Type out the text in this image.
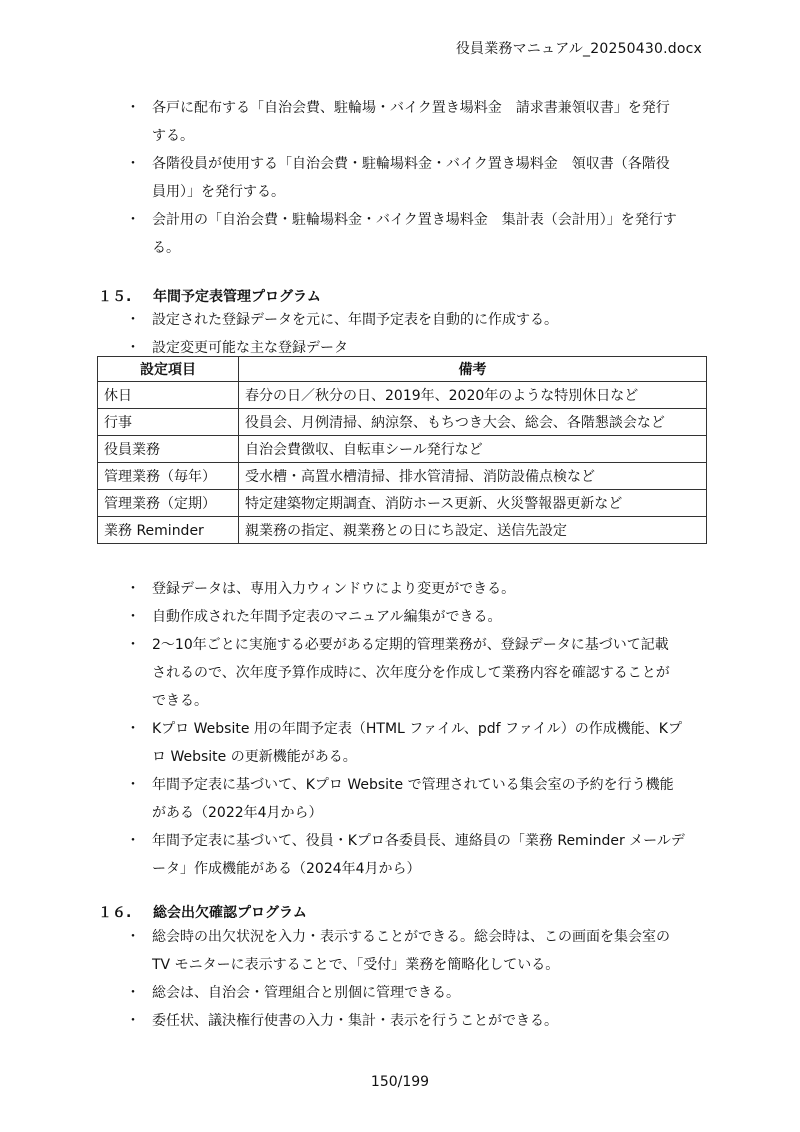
役員業務マニュアル_20250430.docx
・ 各戸に配布する「自治会費、駐輪場・バイク置き場料金　請求書兼領収書」を発行
する。
・ 各階役員が使用する「自治会費・駐輪場料金・バイク置き場料金　領収書（各階役
員用）」を発行する。
・ 会計用の「自治会費・駐輪場料金・バイク置き場料金　集計表（会計用）」を発行す
る。
１５. 年間予定表管理プログラム
・ 設定された登録データを元に、年間予定表を自動的に作成する。
・ 設定変更可能な主な登録データ
設定項目	備考
休日	春分の日／秋分の日、2019年、2020年のような特別休日など
行事	役員会、月例清掃、納涼祭、もちつき大会、総会、各階懇談会など
役員業務	自治会費徴収、自転車シール発行など
管理業務（毎年）	受水槽・高置水槽清掃、排水管清掃、消防設備点検など
管理業務（定期）	特定建築物定期調査、消防ホース更新、火災警報器更新など
業務 Reminder	親業務の指定、親業務との日にち設定、送信先設定
・ 登録データは、専用入力ウィンドウにより変更ができる。
・ 自動作成された年間予定表のマニュアル編集ができる。
・ 2～10年ごとに実施する必要がある定期的管理業務が、登録データに基づいて記載
されるので、次年度予算作成時に、次年度分を作成して業務内容を確認することが
できる。
・ Kプロ Website 用の年間予定表（HTML ファイル、pdf ファイル）の作成機能、Kプ
ロ Website の更新機能がある。
・ 年間予定表に基づいて、Kプロ Website で管理されている集会室の予約を行う機能
がある（2022年4月から）
・ 年間予定表に基づいて、役員・Kプロ各委員長、連絡員の「業務 Reminder メールデ
ータ」作成機能がある（2024年4月から）
１６. 総会出欠確認プログラム
・ 総会時の出欠状況を入力・表示することができる。総会時は、この画面を集会室の
TV モニターに表示することで、「受付」業務を簡略化している。
・ 総会は、自治会・管理組合と別個に管理できる。
・ 委任状、議決権行使書の入力・集計・表示を行うことができる。
150/199
